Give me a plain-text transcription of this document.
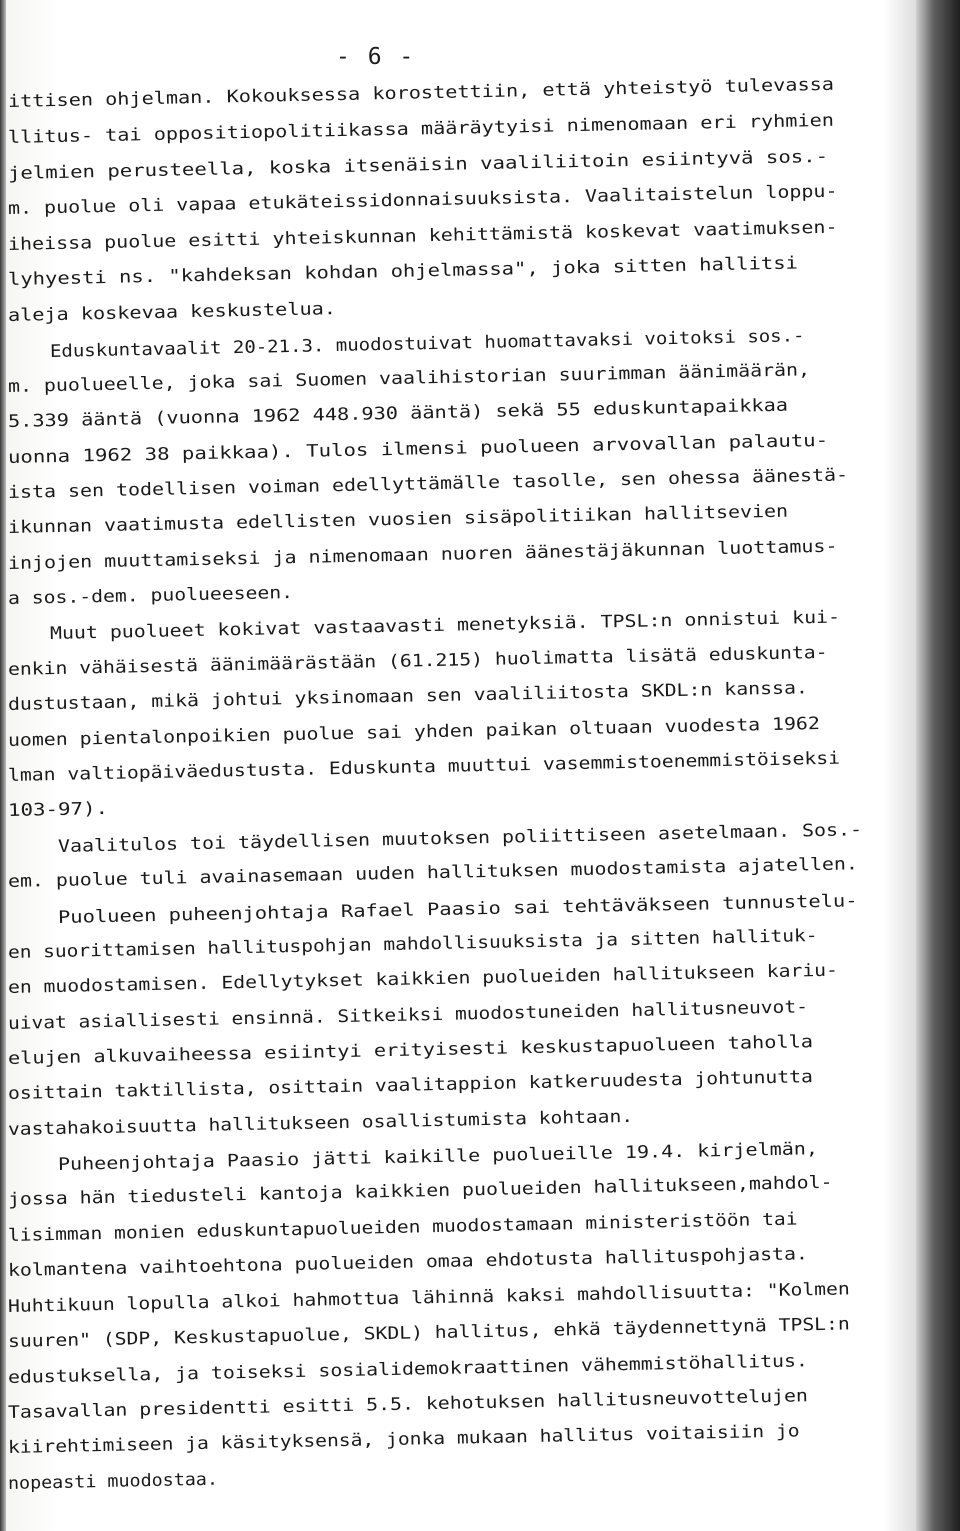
- 6 -
ittisen ohjelman. Kokouksessa korostettiin, että yhteistyö tulevassa
llitus- tai oppositiopolitiikassa määräytyisi nimenomaan eri ryhmien
jelmien perusteella, koska itsenäisin vaaliliitoin esiintyvä sos.-
m. puolue oli vapaa etukäteissidonnaisuuksista. Vaalitaistelun loppu-
iheissa puolue esitti yhteiskunnan kehittämistä koskevat vaatimuksen-
lyhyesti ns. "kahdeksan kohdan ohjelmassa", joka sitten hallitsi
aleja koskevaa keskustelua.
Eduskuntavaalit 20-21.3. muodostuivat huomattavaksi voitoksi sos.-
m. puolueelle, joka sai Suomen vaalihistorian suurimman äänimäärän,
5.339 ääntä (vuonna 1962 448.930 ääntä) sekä 55 eduskuntapaikkaa
uonna 1962 38 paikkaa). Tulos ilmensi puolueen arvovallan palautu-
ista sen todellisen voiman edellyttämälle tasolle, sen ohessa äänestä-
ikunnan vaatimusta edellisten vuosien sisäpolitiikan hallitsevien
injojen muuttamiseksi ja nimenomaan nuoren äänestäjäkunnan luottamus-
a sos.-dem. puolueeseen.
Muut puolueet kokivat vastaavasti menetyksiä. TPSL:n onnistui kui-
enkin vähäisestä äänimäärästään (61.215) huolimatta lisätä eduskunta-
dustustaan, mikä johtui yksinomaan sen vaaliliitosta SKDL:n kanssa.
uomen pientalonpoikien puolue sai yhden paikan oltuaan vuodesta 1962
lman valtiopäiväedustusta. Eduskunta muuttui vasemmistoenemmistöiseksi
103-97).
Vaalitulos toi täydellisen muutoksen poliittiseen asetelmaan. Sos.-
em. puolue tuli avainasemaan uuden hallituksen muodostamista ajatellen.
Puolueen puheenjohtaja Rafael Paasio sai tehtäväkseen tunnustelu-
en suorittamisen hallituspohjan mahdollisuuksista ja sitten hallituk-
en muodostamisen. Edellytykset kaikkien puolueiden hallitukseen kariu-
uivat asiallisesti ensinnä. Sitkeiksi muodostuneiden hallitusneuvot-
elujen alkuvaiheessa esiintyi erityisesti keskustapuolueen taholla
osittain taktillista, osittain vaalitappion katkeruudesta johtunutta
vastahakoisuutta hallitukseen osallistumista kohtaan.
Puheenjohtaja Paasio jätti kaikille puolueille 19.4. kirjelmän,
jossa hän tiedusteli kantoja kaikkien puolueiden hallitukseen,mahdol-
lisimman monien eduskuntapuolueiden muodostamaan ministeristöön tai
kolmantena vaihtoehtona puolueiden omaa ehdotusta hallituspohjasta.
Huhtikuun lopulla alkoi hahmottua lähinnä kaksi mahdollisuutta: "Kolmen
suuren" (SDP, Keskustapuolue, SKDL) hallitus, ehkä täydennettynä TPSL:n
edustuksella, ja toiseksi sosialidemokraattinen vähemmistöhallitus.
Tasavallan presidentti esitti 5.5. kehotuksen hallitusneuvottelujen
kiirehtimiseen ja käsityksensä, jonka mukaan hallitus voitaisiin jo
nopeasti muodostaa.
